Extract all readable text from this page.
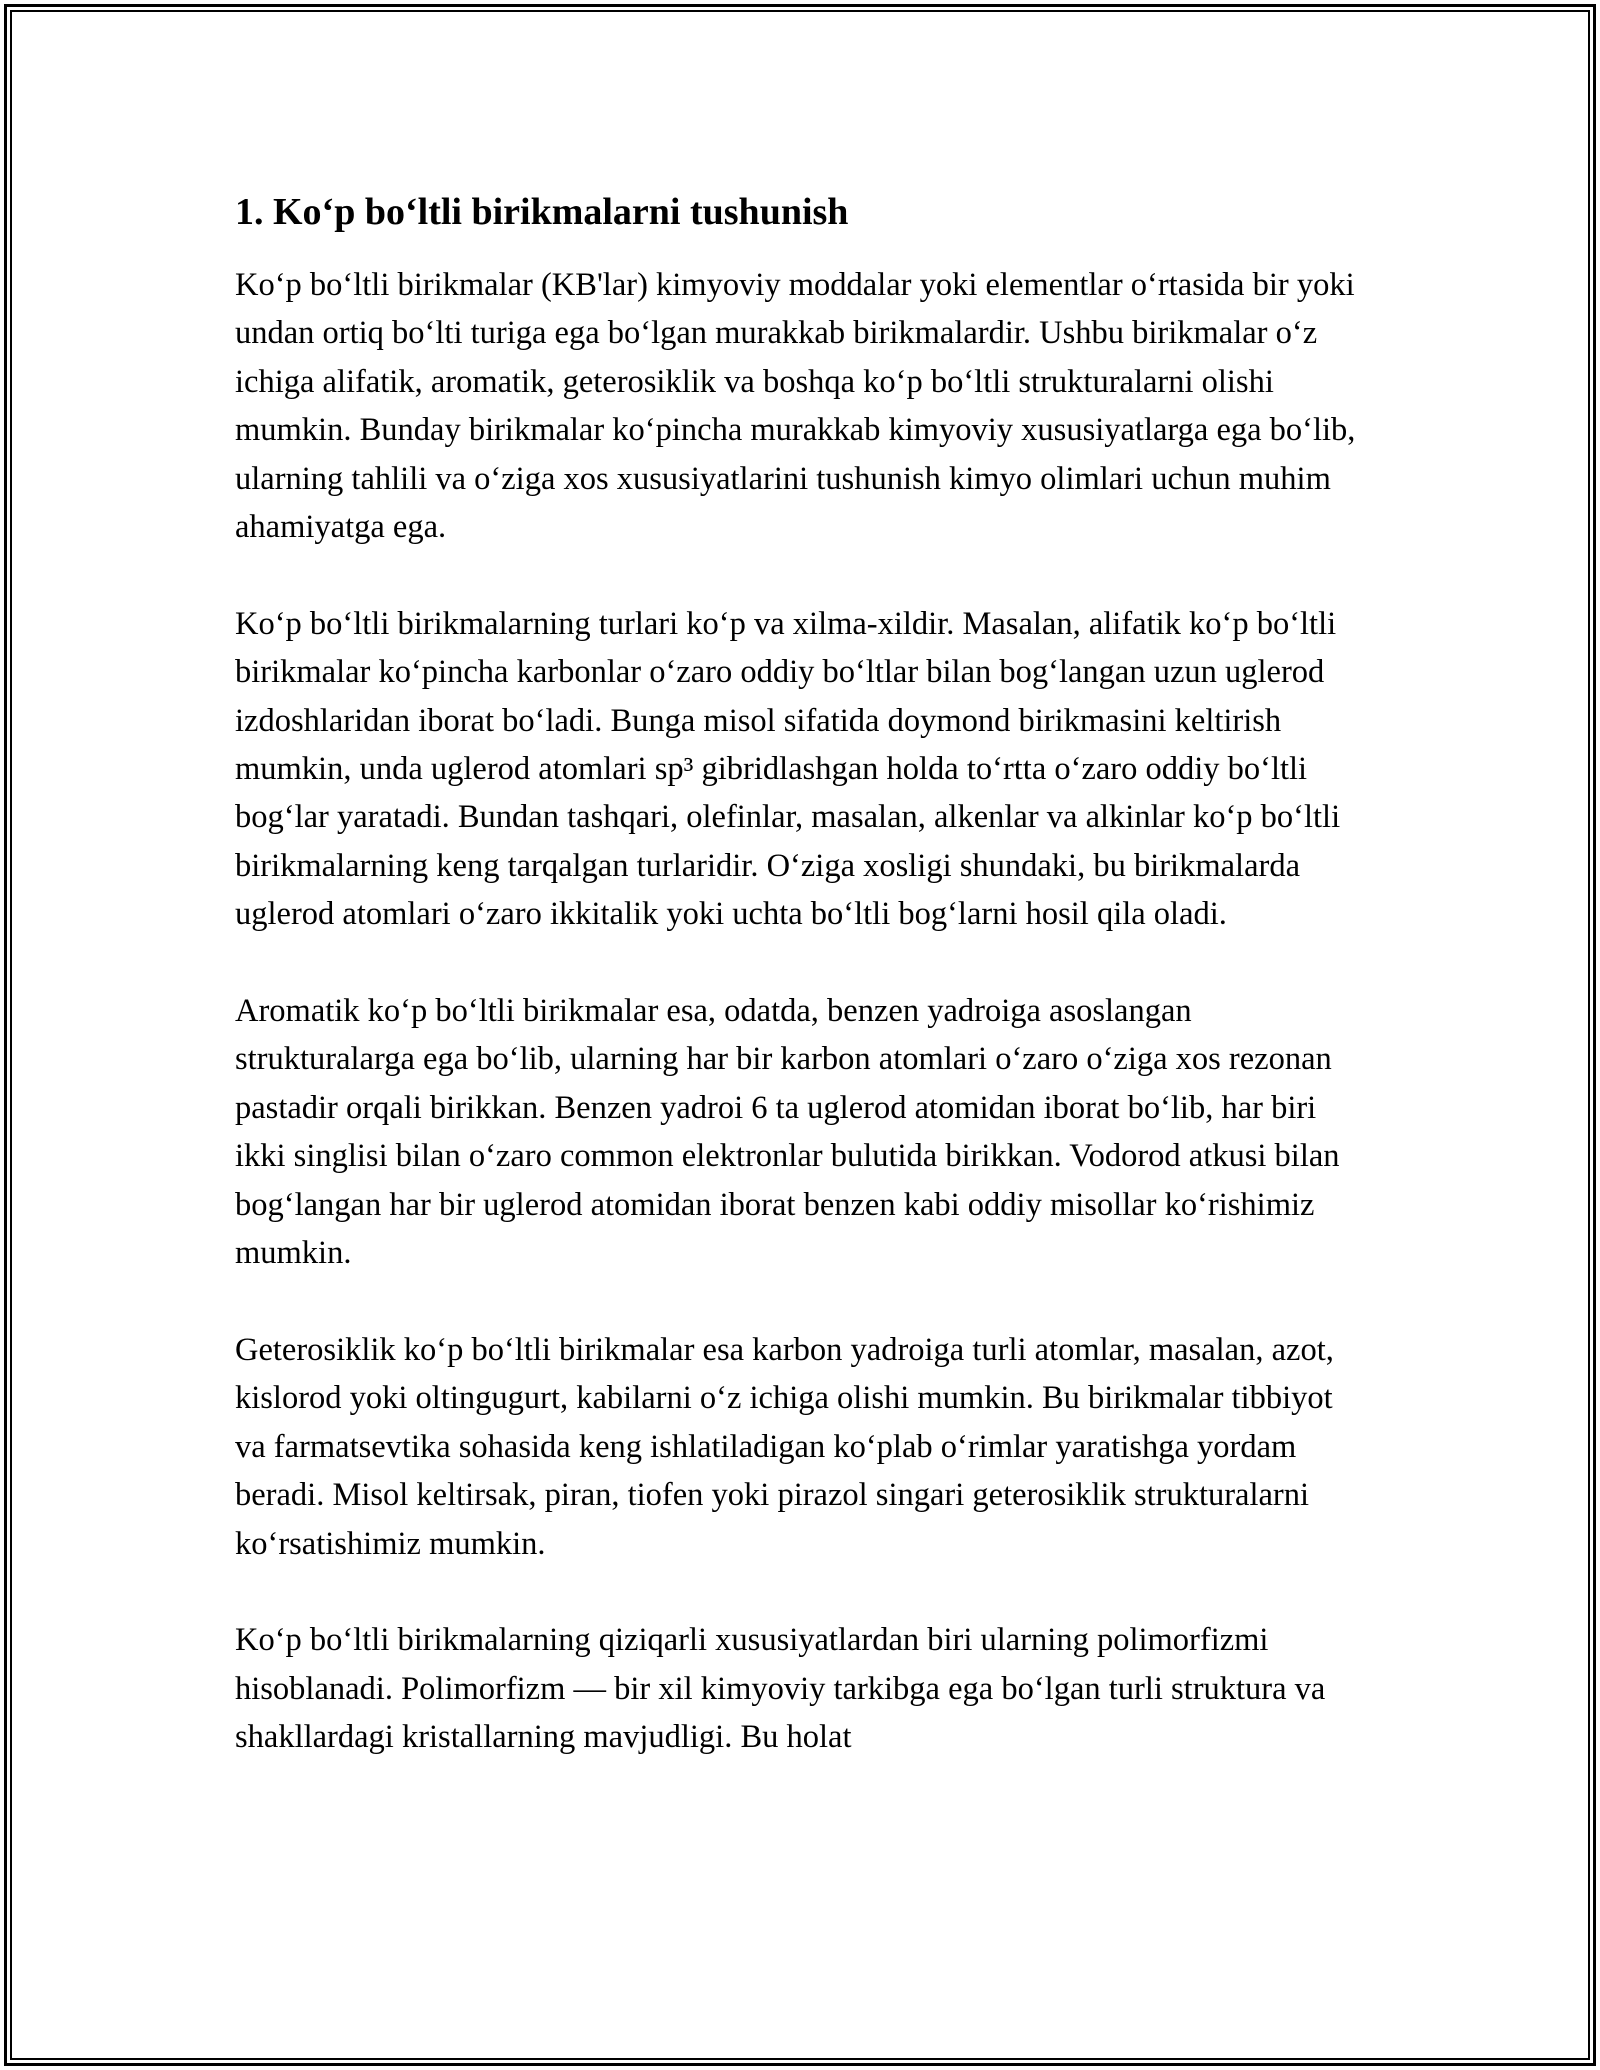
1. Ko‘p bo‘ltli birikmalarni tushunish

Ko‘p bo‘ltli birikmalar (KB'lar) kimyoviy moddalar yoki elementlar o‘rtasida bir yoki undan ortiq bo‘lti turiga ega bo‘lgan murakkab birikmalardir. Ushbu birikmalar o‘z ichiga alifatik, aromatik, geterosiklik va boshqa ko‘p bo‘ltli strukturalarni olishi mumkin. Bunday birikmalar ko‘pincha murakkab kimyoviy xususiyatlarga ega bo‘lib, ularning tahlili va o‘ziga xos xususiyatlarini tushunish kimyo olimlari uchun muhim ahamiyatga ega.

Ko‘p bo‘ltli birikmalarning turlari ko‘p va xilma-xildir. Masalan, alifatik ko‘p bo‘ltli birikmalar ko‘pincha karbonlar o‘zaro oddiy bo‘ltlar bilan bog‘langan uzun uglerod izdoshlaridan iborat bo‘ladi. Bunga misol sifatida doymond birikmasini keltirish mumkin, unda uglerod atomlari sp³ gibridlashgan holda to‘rtta o‘zaro oddiy bo‘ltli bog‘lar yaratadi. Bundan tashqari, olefinlar, masalan, alkenlar va alkinlar ko‘p bo‘ltli birikmalarning keng tarqalgan turlaridir. O‘ziga xosligi shundaki, bu birikmalarda uglerod atomlari o‘zaro ikkitalik yoki uchta bo‘ltli bog‘larni hosil qila oladi.

Aromatik ko‘p bo‘ltli birikmalar esa, odatda, benzen yadroiga asoslangan strukturalarga ega bo‘lib, ularning har bir karbon atomlari o‘zaro o‘ziga xos rezonan pastadir orqali birikkan. Benzen yadroi 6 ta uglerod atomidan iborat bo‘lib, har biri ikki singlisi bilan o‘zaro common elektronlar bulutida birikkan. Vodorod atkusi bilan bog‘langan har bir uglerod atomidan iborat benzen kabi oddiy misollar ko‘rishimiz mumkin.

Geterosiklik ko‘p bo‘ltli birikmalar esa karbon yadroiga turli atomlar, masalan, azot, kislorod yoki oltingugurt, kabilarni o‘z ichiga olishi mumkin. Bu birikmalar tibbiyot va farmatsevtika sohasida keng ishlatiladigan ko‘plab o‘rimlar yaratishga yordam beradi. Misol keltirsak, piran, tiofen yoki pirazol singari geterosiklik strukturalarni ko‘rsatishimiz mumkin.

Ko‘p bo‘ltli birikmalarning qiziqarli xususiyatlardan biri ularning polimorfizmi hisoblanadi. Polimorfizm — bir xil kimyoviy tarkibga ega bo‘lgan turli struktura va shakllardagi kristallarning mavjudligi. Bu holat
